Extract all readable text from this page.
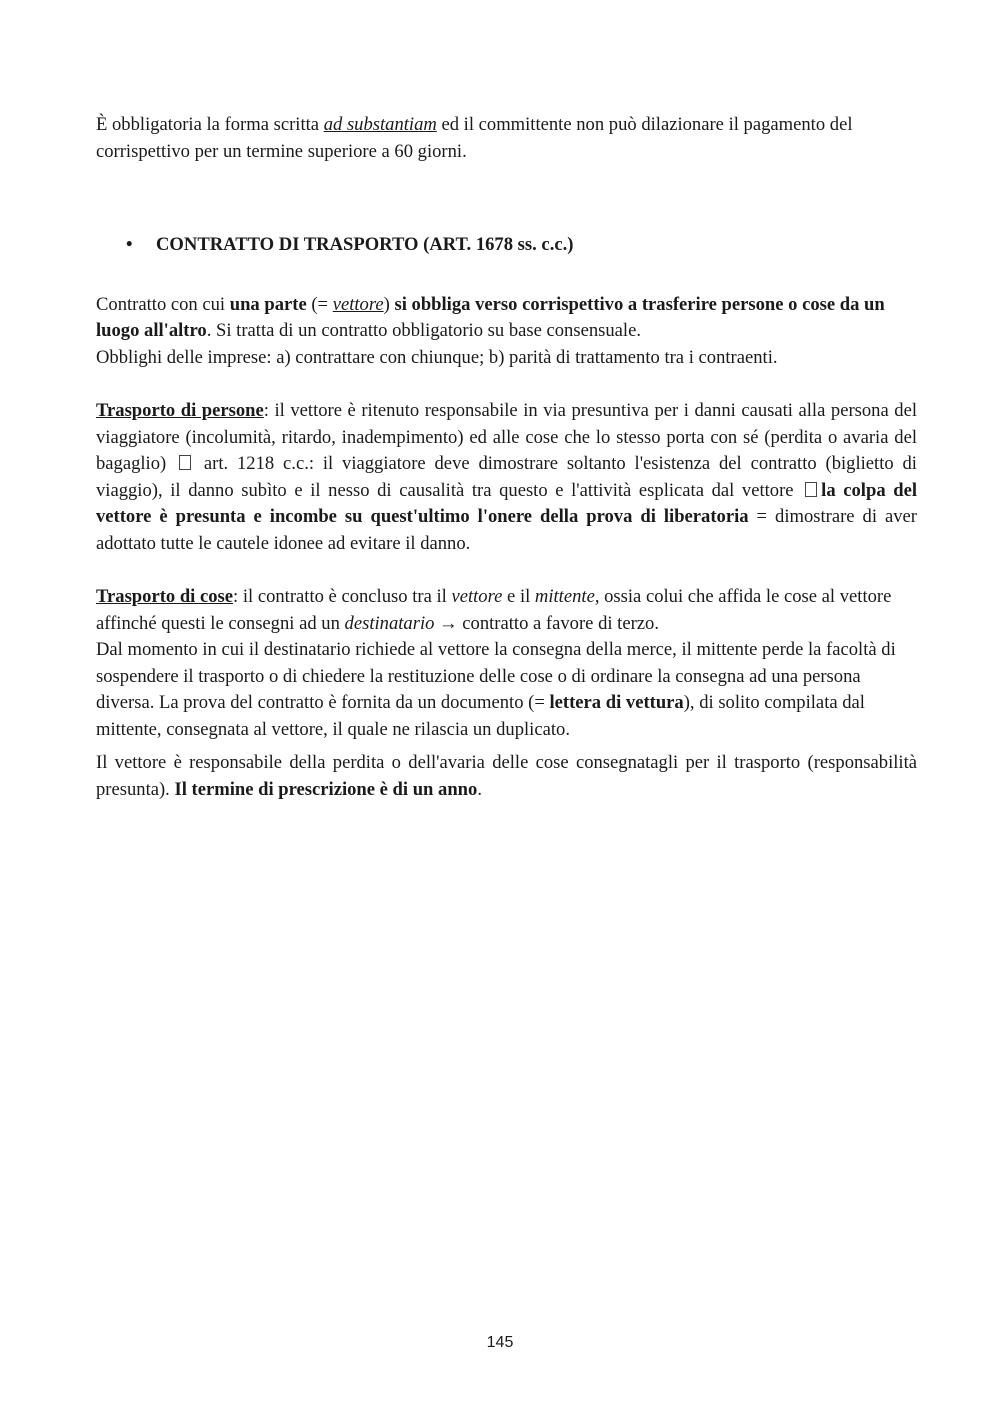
È obbligatoria la forma scritta ad substantiam ed il committente non può dilazionare il pagamento del corrispettivo per un termine superiore a 60 giorni.

• CONTRATTO DI TRASPORTO (ART. 1678 ss. c.c.)

Contratto con cui una parte (= vettore) si obbliga verso corrispettivo a trasferire persone o cose da un luogo all'altro. Si tratta di un contratto obbligatorio su base consensuale.
Obblighi delle imprese: a) contrattare con chiunque; b) parità di trattamento tra i contraenti.

Trasporto di persone: il vettore è ritenuto responsabile in via presuntiva per i danni causati alla persona del viaggiatore (incolumità, ritardo, inadempimento) ed alle cose che lo stesso porta con sé (perdita o avaria del bagaglio)  art. 1218 c.c.: il viaggiatore deve dimostrare soltanto l'esistenza del contratto (biglietto di viaggio), il danno subìto e il nesso di causalità tra questo e l'attività esplicata dal vettore la colpa del vettore è presunta e incombe su quest'ultimo l'onere della prova di liberatoria = dimostrare di aver adottato tutte le cautele idonee ad evitare il danno.

Trasporto di cose: il contratto è concluso tra il vettore e il mittente, ossia colui che affida le cose al vettore affinché questi le consegni ad un destinatario → contratto a favore di terzo.

Dal momento in cui il destinatario richiede al vettore la consegna della merce, il mittente perde la facoltà di sospendere il trasporto o di chiedere la restituzione delle cose o di ordinare la consegna ad una persona diversa. La prova del contratto è fornita da un documento (= lettera di vettura), di solito compilata dal mittente, consegnata al vettore, il quale ne rilascia un duplicato.

Il vettore è responsabile della perdita o dell'avaria delle cose consegnatagli per il trasporto (responsabilità presunta). Il termine di prescrizione è di un anno.

145
